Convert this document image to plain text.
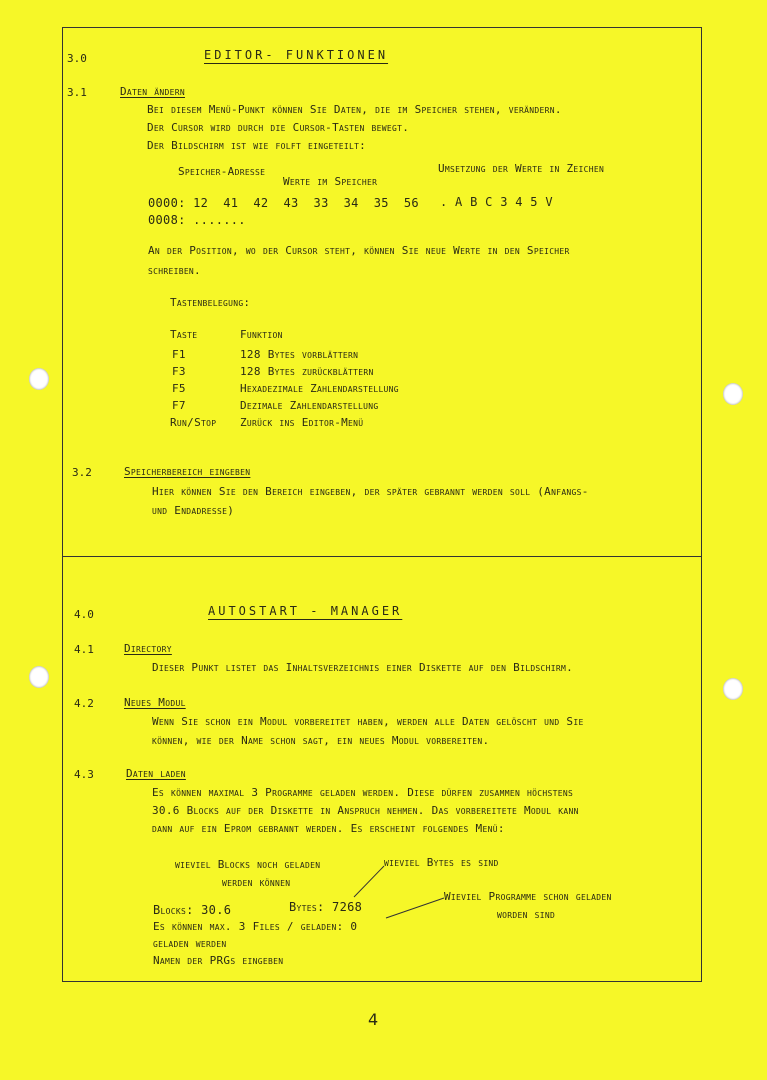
3.0	EDITOR- FUNKTIONEN
3.1	Daten ändern
Bei diesem Menü-Punkt können Sie Daten, die im Speicher stehen, verändern.
Der Cursor wird durch die Cursor-Tasten bewegt.
Der Bildschirm ist wie folft eingeteilt:
Speicher-Adresse
Werte im Speicher
Umsetzung der Werte in Zeichen
0000: 12  41  42  43  33  34  35  56 . A B C 3 4 5 V
0008: .......
An der Position, wo der Cursor steht, können Sie neue Werte in den Speicher
schreiben.
Tastenbelegung:
Taste	Funktion
F1	128 Bytes vorblättern
F3	128 Bytes zurückblättern
F5	Hexadezimale Zahlendarstellung
F7	Dezimale Zahlendarstellung
Run/Stop Zurück ins Editor-Menü
3.2	Speicherbereich eingeben
Hier können Sie den Bereich eingeben, der später gebrannt werden soll (Anfangs-
und Endadresse)
4.0	AUTOSTART - MANAGER
4.1	Directory
Dieser Punkt listet das Inhaltsverzeichnis einer Diskette auf den Bildschirm.
4.2	Neues Modul
Wenn Sie schon ein Modul vorbereitet haben, werden alle Daten gelöscht und Sie
können, wie der Name schon sagt, ein neues Modul vorbereiten.
4.3	Daten laden
Es können maximal 3 Programme geladen werden. Diese dürfen zusammen höchstens
30.6 Blocks auf der Diskette in Anspruch nehmen. Das vorbereitete Modul kann
dann auf ein Eprom gebrannt werden. Es erscheint folgendes Menü:
wieviel Blocks noch geladen
werden können
wieviel Bytes es sind
Wieviel Programme schon geladen
worden sind
Blocks: 30.6	Bytes: 7268
Es können max. 3 Files / geladen: 0
geladen werden
Namen der PRGs eingeben
4
